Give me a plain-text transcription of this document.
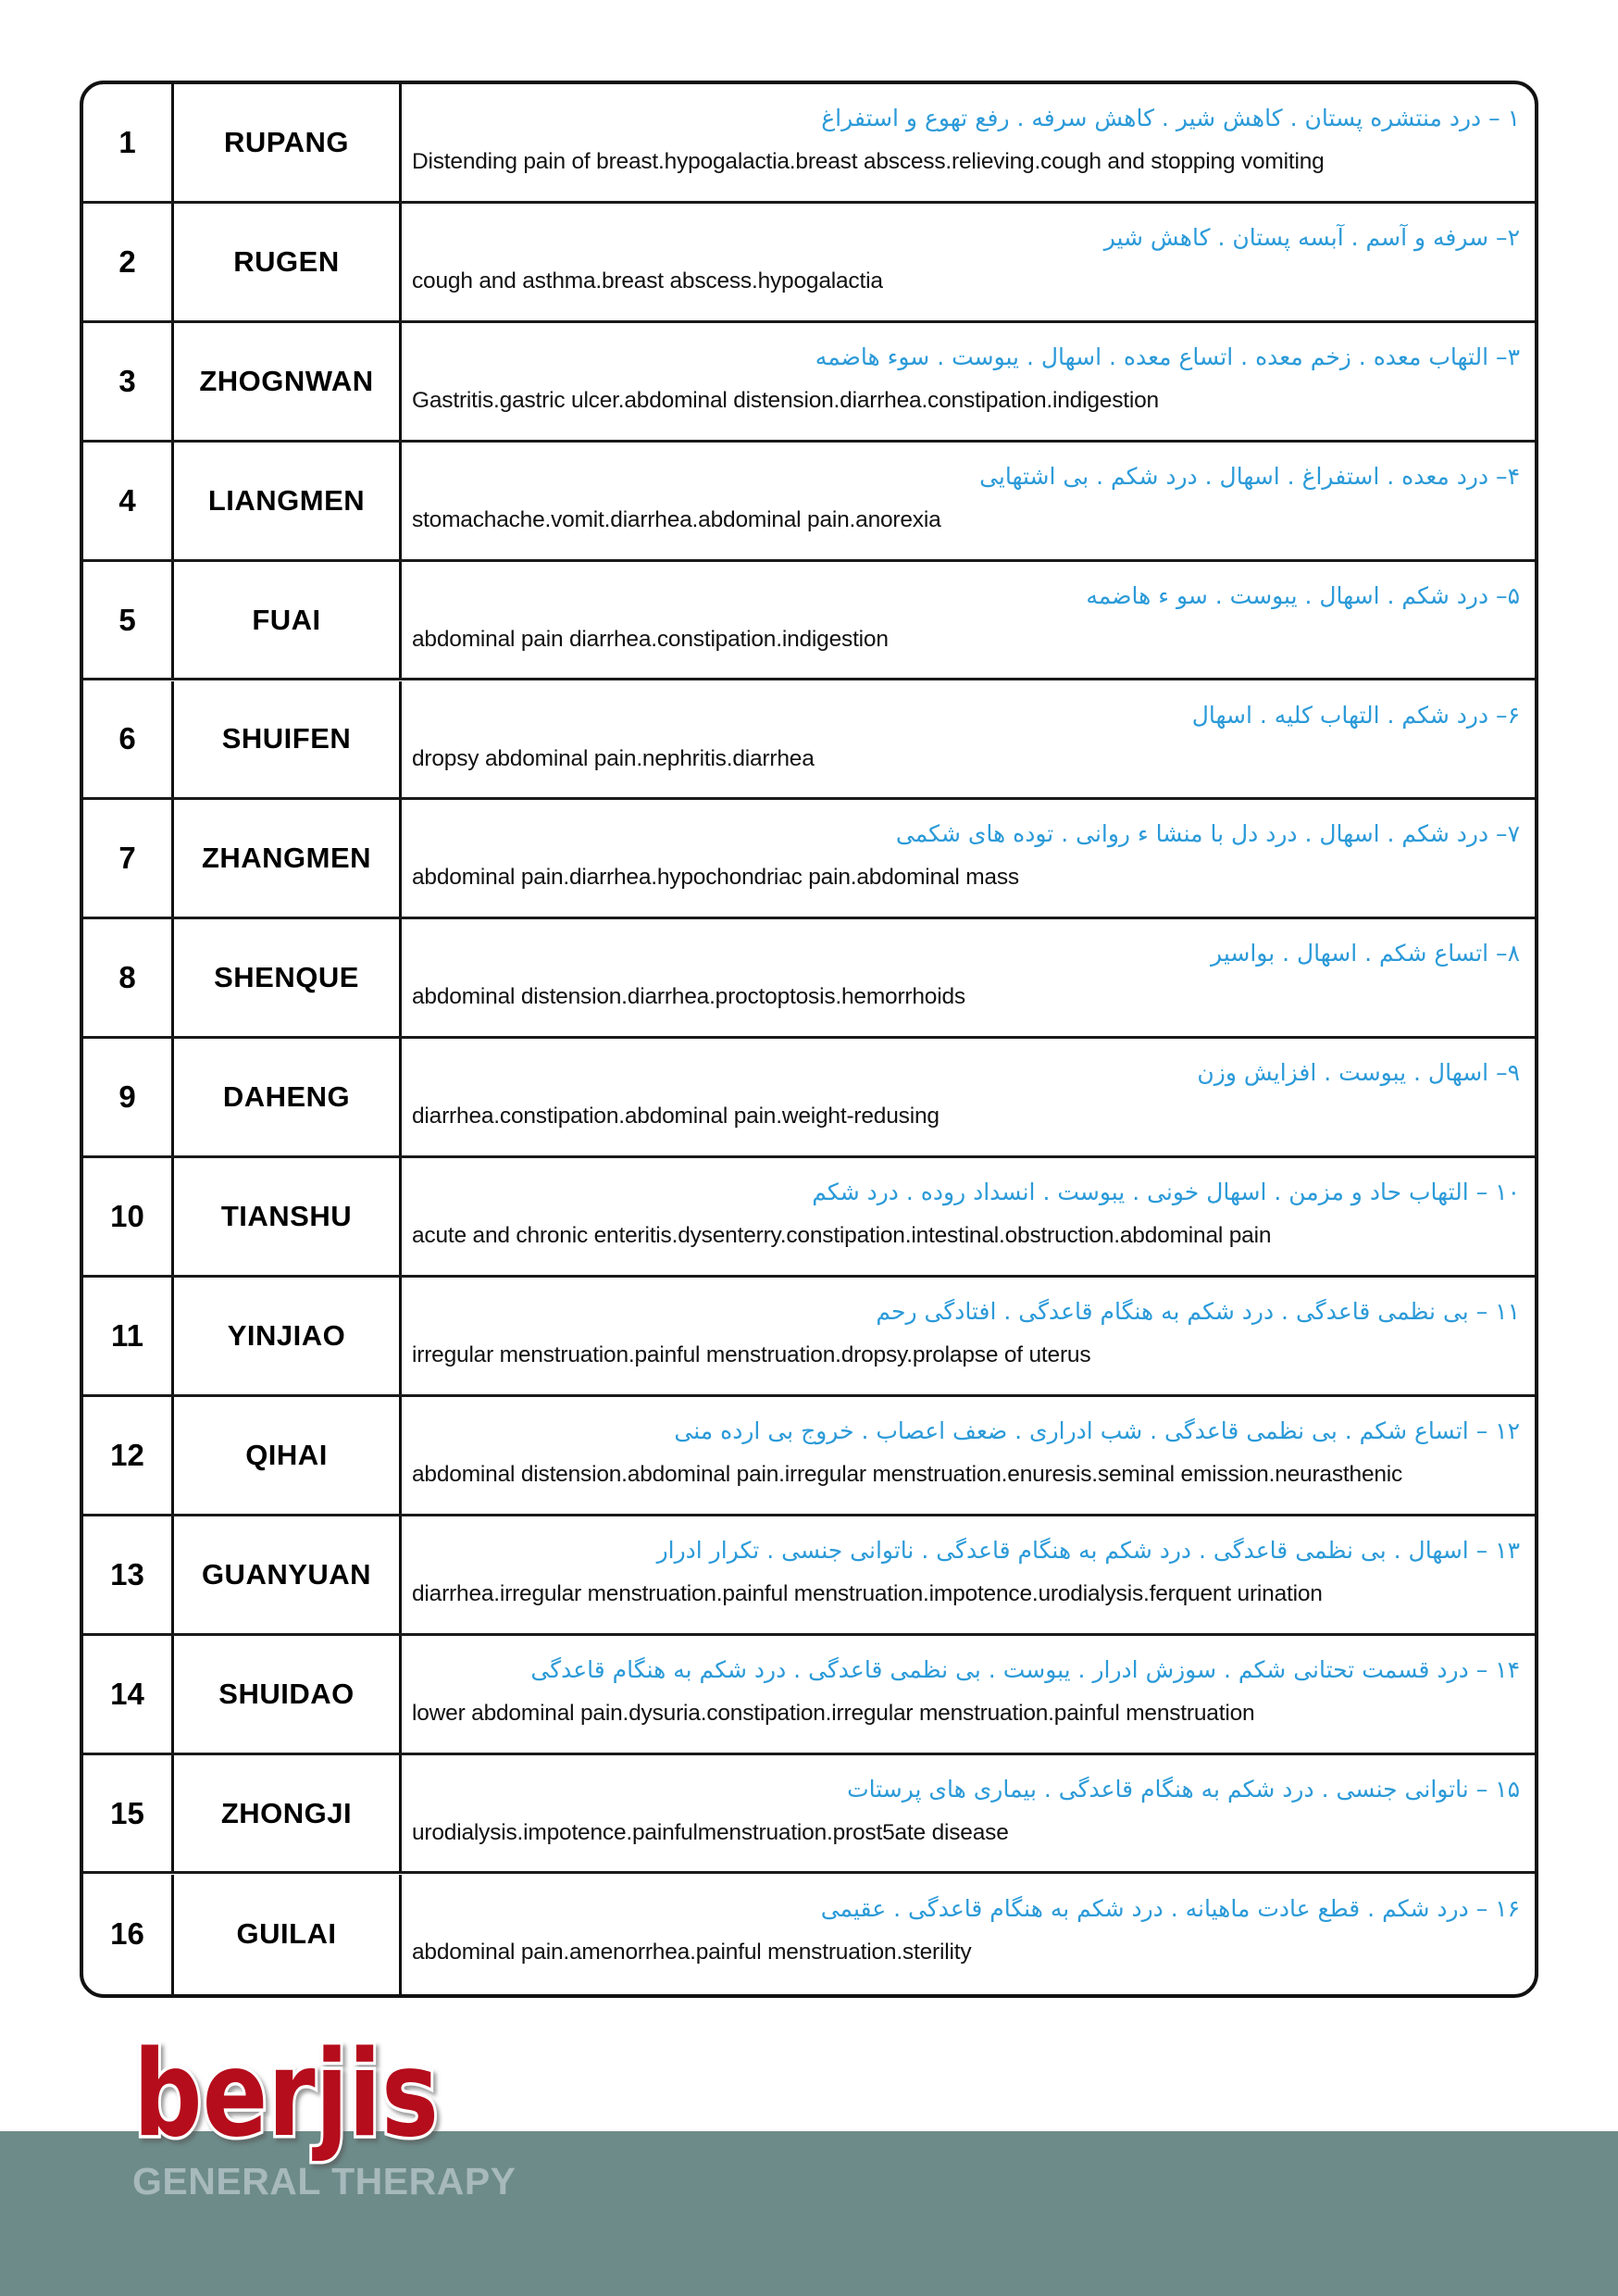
1	RUPANG
۱ – درد منتشره پستان . کاهش شیر . کاهش سرفه . رفع تهوع و استفراغ
Distending pain of breast.hypogalactia.breast abscess.relieving.cough and stopping vomiting
2	RUGEN
۲– سرفه و آسم . آبسه پستان . کاهش شیر
cough and asthma.breast abscess.hypogalactia
3	ZHOGNWAN
۳– التهاب معده . زخم معده . اتساع معده . اسهال . یبوست . سوء هاضمه
Gastritis.gastric ulcer.abdominal distension.diarrhea.constipation.indigestion
4	LIANGMEN
۴– درد معده . استفراغ . اسهال . درد شکم . بی اشتهایی
stomachache.vomit.diarrhea.abdominal pain.anorexia
5	FUAI
۵– درد شکم . اسهال . یبوست . سو ء هاضمه
abdominal pain diarrhea.constipation.indigestion
6	SHUIFEN
۶– درد شکم . التهاب کلیه . اسهال
dropsy abdominal pain.nephritis.diarrhea
7	ZHANGMEN
۷– درد شکم . اسهال . درد دل با منشا ء روانی . توده های شکمی
abdominal pain.diarrhea.hypochondriac pain.abdominal mass
8	SHENQUE
۸– اتساع شکم . اسهال . بواسیر
abdominal distension.diarrhea.proctoptosis.hemorrhoids
9	DAHENG
۹– اسهال . یبوست . افزایش وزن
diarrhea.constipation.abdominal pain.weight-redusing
10	TIANSHU
۱۰ – التهاب حاد و مزمن . اسهال خونی . یبوست . انسداد روده . درد شکم
acute and chronic enteritis.dysenterry.constipation.intestinal.obstruction.abdominal pain
11	YINJIAO
۱۱ – بی نظمی قاعدگی . درد شکم به هنگام قاعدگی . افتادگی رحم
irregular menstruation.painful menstruation.dropsy.prolapse of uterus
12	QIHAI
۱۲ – اتساع شکم . بی نظمی قاعدگی . شب ادراری . ضعف اعصاب . خروج بی ارده منی
abdominal distension.abdominal pain.irregular menstruation.enuresis.seminal emission.neurasthenic
13	GUANYUAN
۱۳ – اسهال . بی نظمی قاعدگی . درد شکم به هنگام قاعدگی . ناتوانی جنسی . تکرار ادرار
diarrhea.irregular menstruation.painful menstruation.impotence.urodialysis.ferquent urination
14	SHUIDAO
۱۴ – درد قسمت تحتانی شکم . سوزش ادرار . یبوست . بی نظمی قاعدگی . درد شکم به هنگام قاعدگی
lower abdominal pain.dysuria.constipation.irregular menstruation.painful menstruation
15	ZHONGJI
۱۵ – ناتوانی جنسی . درد شکم به هنگام قاعدگی . بیماری های پرستات
urodialysis.impotence.painfulmenstruation.prost5ate disease
16	GUILAI
۱۶ – درد شکم . قطع عادت ماهیانه . درد شکم به هنگام قاعدگی . عقیمی
abdominal pain.amenorrhea.painful menstruation.sterility
berjis
GENERAL THERAPY
